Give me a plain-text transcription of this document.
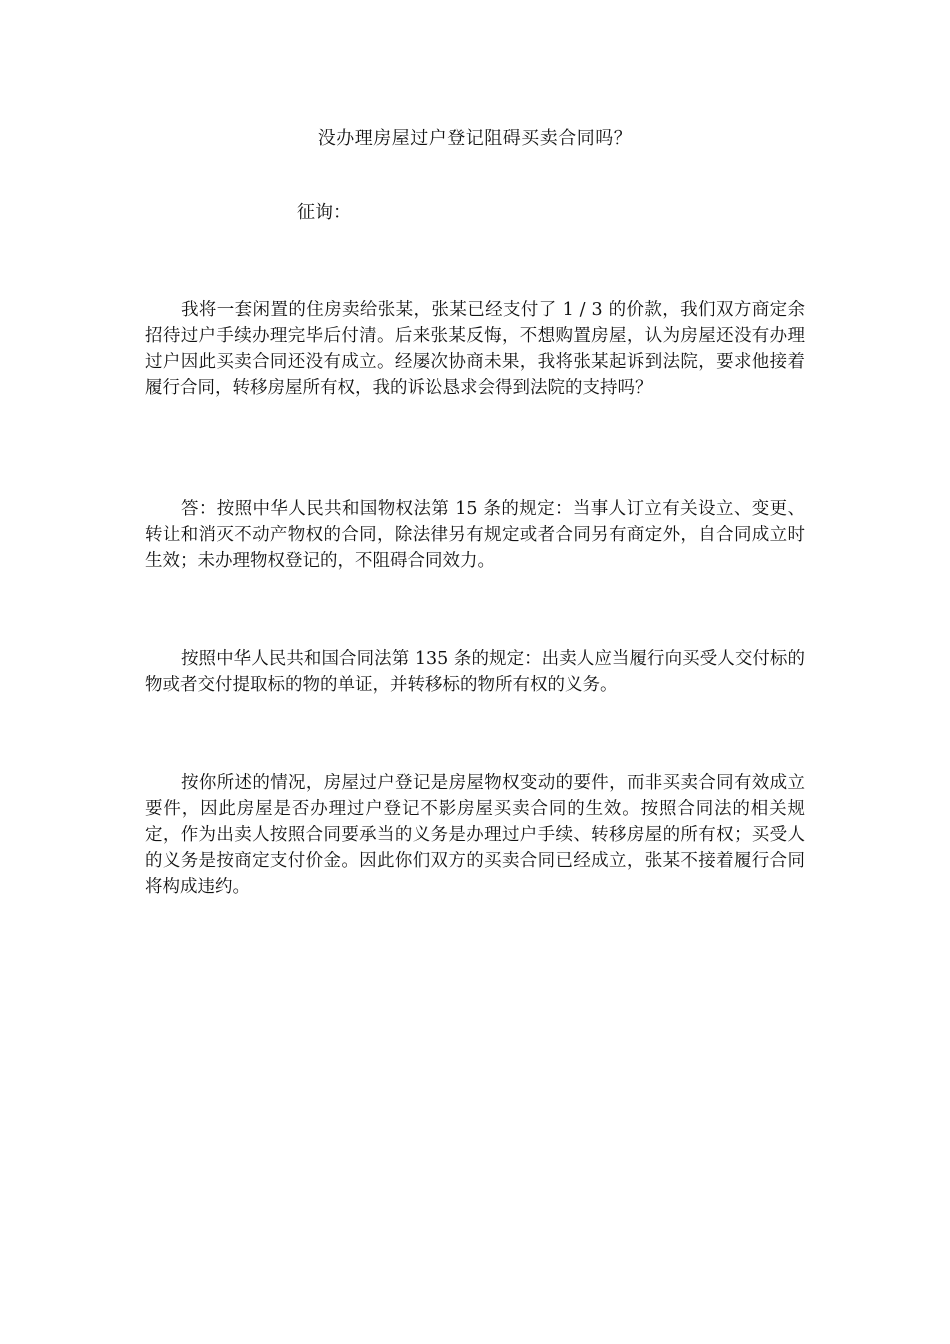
没办理房屋过户登记阻碍买卖合同吗？
征询：

我将一套闲置的住房卖给张某，张某已经支付了 1 / 3 的价款，我们双方商定余招待过户手续办理完毕后付清。后来张某反悔，不想购置房屋，认为房屋还没有办理过户因此买卖合同还没有成立。经屡次协商未果，我将张某起诉到法院，要求他接着履行合同，转移房屋所有权，我的诉讼恳求会得到法院的支持吗？

答：按照中华人民共和国物权法第 15 条的规定：当事人订立有关设立、变更、转让和消灭不动产物权的合同，除法律另有规定或者合同另有商定外，自合同成立时生效；未办理物权登记的，不阻碍合同效力。

按照中华人民共和国合同法第 135 条的规定：出卖人应当履行向买受人交付标的物或者交付提取标的物的单证，并转移标的物所有权的义务。

按你所述的情况，房屋过户登记是房屋物权变动的要件，而非买卖合同有效成立要件，因此房屋是否办理过户登记不影房屋买卖合同的生效。按照合同法的相关规定，作为出卖人按照合同要承当的义务是办理过户手续、转移房屋的所有权；买受人的义务是按商定支付价金。因此你们双方的买卖合同已经成立，张某不接着履行合同将构成违约。
